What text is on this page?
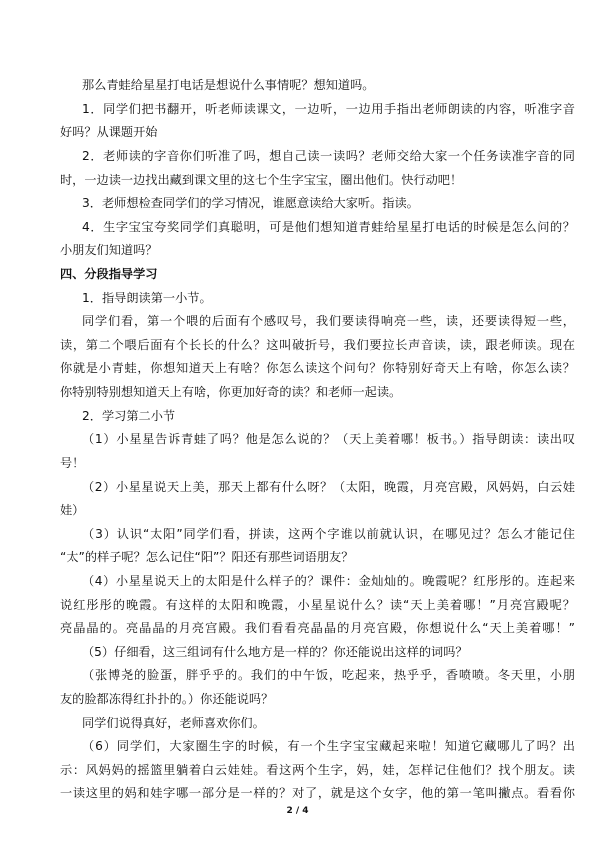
那么青蛙给星星打电话是想说什么事情呢？想知道吗。
1．同学们把书翻开，听老师读课文，一边听，一边用手指出老师朗读的内容，听准字音
好吗？从课题开始
2．老师读的字音你们听准了吗，想自己读一读吗？老师交给大家一个任务读准字音的同
时，一边读一边找出藏到课文里的这七个生字宝宝，圈出他们。快行动吧！
3．老师想检查同学们的学习情况，谁愿意读给大家听。指读。
4．生字宝宝夸奖同学们真聪明，可是他们想知道青蛙给星星打电话的时候是怎么问的？
小朋友们知道吗？
四、分段指导学习
1．指导朗读第一小节。
同学们看，第一个喂的后面有个感叹号，我们要读得响亮一些，读，还要读得短一些，
读，第二个喂后面有个长长的什么？这叫破折号，我们要拉长声音读，读，跟老师读。现在
你就是小青蛙，你想知道天上有啥？你怎么读这个问句？你特别好奇天上有啥，你怎么读？
你特别特别想知道天上有啥，你更加好奇的读？和老师一起读。
2．学习第二小节
（1）小星星告诉青蛙了吗？他是怎么说的？（天上美着哪！板书。）指导朗读：读出叹
号！
（2）小星星说天上美，那天上都有什么呀？（太阳，晚霞，月亮宫殿，风妈妈，白云娃
娃）
（3）认识“太阳”同学们看，拼读，这两个字谁以前就认识，在哪见过？怎么才能记住
“太”的样子呢？怎么记住“阳”？阳还有那些词语朋友？
（4）小星星说天上的太阳是什么样子的？课件：金灿灿的。晚霞呢？红彤彤的。连起来
说红彤彤的晚霞。有这样的太阳和晚霞，小星星说什么？读“天上美着哪！”月亮宫殿呢？
亮晶晶的。亮晶晶的月亮宫殿。我们看看亮晶晶的月亮宫殿，你想说什么“天上美着哪！”
（5）仔细看，这三组词有什么地方是一样的？你还能说出这样的词吗？
（张博尧的脸蛋，胖乎乎的。我们的中午饭，吃起来，热乎乎，香喷喷。冬天里，小朋
友的脸都冻得红扑扑的。）你还能说吗？
同学们说得真好，老师喜欢你们。
（6）同学们，大家圈生字的时候，有一个生字宝宝藏起来啦！知道它藏哪儿了吗？出
示：风妈妈的摇篮里躺着白云娃娃。看这两个生字，妈，娃，怎样记住他们？找个朋友。读
一读这里的妈和娃字哪一部分是一样的？对了，就是这个女字，他的第一笔叫撇点。看看你
2 / 4
